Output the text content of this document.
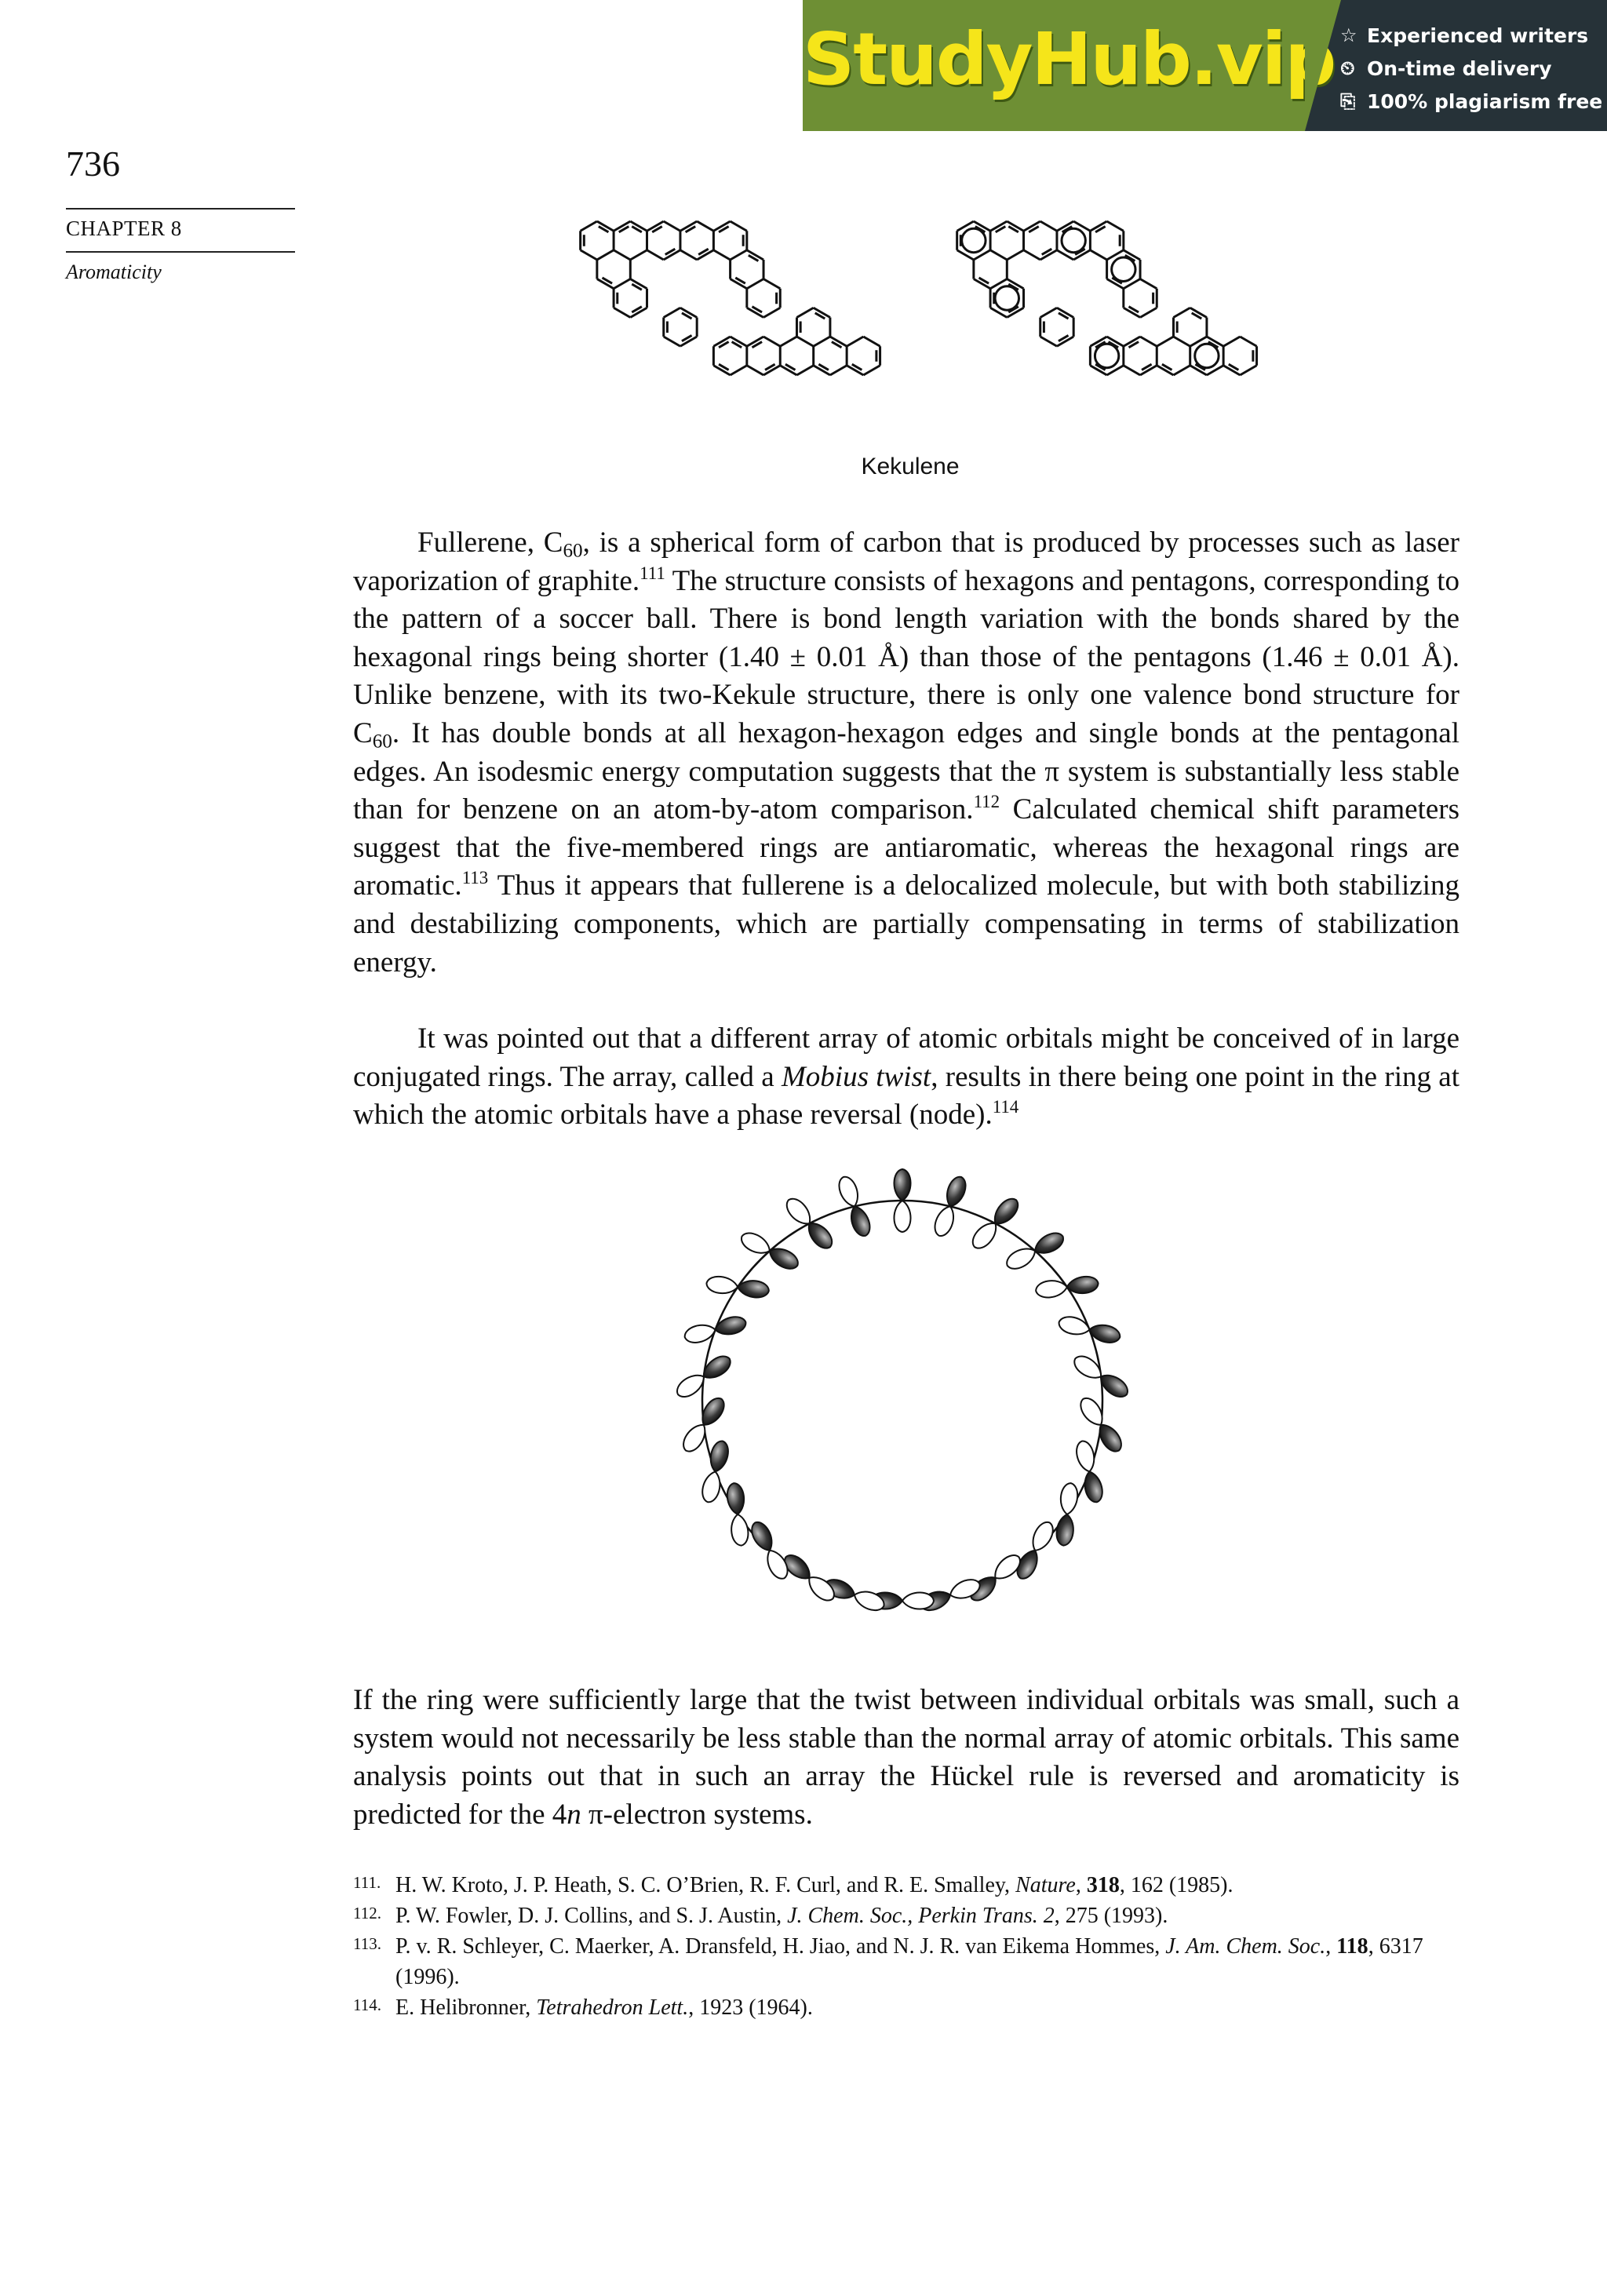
StudyHub.vip ☆ Experienced writers
⏲ On-time delivery
⎘ 100% plagiarism free
736
CHAPTER 8
Aromaticity
Kekulene
Fullerene, $C_{60}$, is a spherical form of carbon that is produced by processes such as laser vaporization of graphite.$^{111}$ The structure consists of hexagons and pentagons, corresponding to the pattern of a soccer ball. There is bond length variation with the bonds shared by the hexagonal rings being shorter (1.40 ± 0.01 Å) than those of the pentagons (1.46 ± 0.01 Å). Unlike benzene, with its two-Kekule structure, there is only one valence bond structure for $C_{60}$. It has double bonds at all hexagon-hexagon edges and single bonds at the pentagonal edges. An isodesmic energy computation suggests that the π system is substantially less stable than for benzene on an atom-by-atom comparison.$^{112}$ Calculated chemical shift parameters suggest that the five-membered rings are antiaromatic, whereas the hexagonal rings are aromatic.$^{113}$ Thus it appears that fullerene is a delocalized molecule, but with both stabilizing and destabilizing components, which are partially compensating in terms of stabilization energy.
It was pointed out that a different array of atomic orbitals might be conceived of in large conjugated rings. The array, called a Mobius twist, results in there being one point in the ring at which the atomic orbitals have a phase reversal (node).$^{114}$
If the ring were sufficiently large that the twist between individual orbitals was small, such a system would not necessarily be less stable than the normal array of atomic orbitals. This same analysis points out that in such an array the Hückel rule is reversed and aromaticity is predicted for the 4n π-electron systems.
111. H. W. Kroto, J. P. Heath, S. C. O’Brien, R. F. Curl, and R. E. Smalley, Nature, 318, 162 (1985).
112. P. W. Fowler, D. J. Collins, and S. J. Austin, J. Chem. Soc., Perkin Trans. 2, 275 (1993).
113. P. v. R. Schleyer, C. Maerker, A. Dransfeld, H. Jiao, and N. J. R. van Eikema Hommes, J. Am. Chem. Soc., 118, 6317 (1996).
114. E. Helibronner, Tetrahedron Lett., 1923 (1964).
